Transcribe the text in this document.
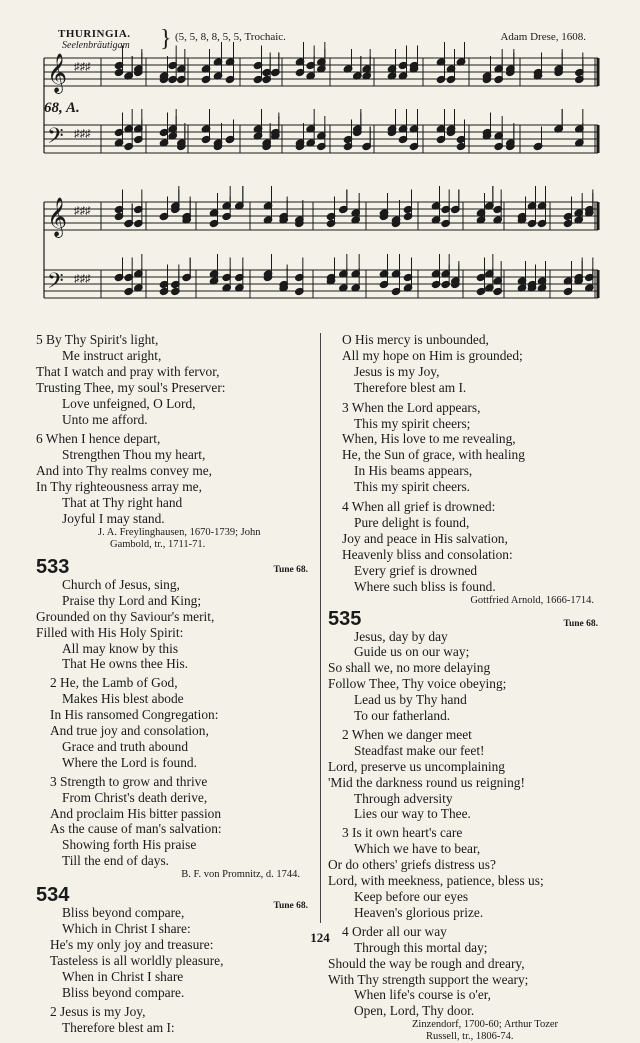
THURINGIA.
Seelenbräutigam } (5, 5, 8, 8, 5, 5, Trochaic.	Adam Drese, 1608.
68, A.
𝄞 ♯♯♯
𝄢 ♯♯♯
𝄞 ♯♯♯
𝄢 ♯♯♯
5 By Thy Spirit's light,
Me instruct aright,
That I watch and pray with fervor,
Trusting Thee, my soul's Preserver:
Love unfeigned, O Lord,
Unto me afford.
6 When I hence depart,
Strengthen Thou my heart,
And into Thy realms convey me,
In Thy righteousness array me,
That at Thy right hand
Joyful I may stand.
J. A. Freylinghausen, 1670-1739; John
Gambold, tr., 1711-71.
533	Tune 68.
Church of Jesus, sing,
Praise thy Lord and King;
Grounded on thy Saviour's merit,
Filled with His Holy Spirit:
All may know by this
That He owns thee His.
2 He, the Lamb of God,
Makes His blest abode
In His ransomed Congregation:
And true joy and consolation,
Grace and truth abound
Where the Lord is found.
3 Strength to grow and thrive
From Christ's death derive,
And proclaim His bitter passion
As the cause of man's salvation:
Showing forth His praise
Till the end of days.
B. F. von Promnitz, d. 1744.
534	Tune 68.
Bliss beyond compare,
Which in Christ I share:
He's my only joy and treasure:
Tasteless is all worldly pleasure,
When in Christ I share
Bliss beyond compare.
2 Jesus is my Joy,
Therefore blest am I:
O His mercy is unbounded,
All my hope on Him is grounded;
Jesus is my Joy,
Therefore blest am I.
3 When the Lord appears,
This my spirit cheers;
When, His love to me revealing,
He, the Sun of grace, with healing
In His beams appears,
This my spirit cheers.
4 When all grief is drowned:
Pure delight is found,
Joy and peace in His salvation,
Heavenly bliss and consolation:
Every grief is drowned
Where such bliss is found.
Gottfried Arnold, 1666-1714.
535	Tune 68.
Jesus, day by day
Guide us on our way;
So shall we, no more delaying
Follow Thee, Thy voice obeying;
Lead us by Thy hand
To our fatherland.
2 When we danger meet
Steadfast make our feet!
Lord, preserve us uncomplaining
'Mid the darkness round us reigning!
Through adversity
Lies our way to Thee.
3 Is it own heart's care
Which we have to bear,
Or do others' griefs distress us?
Lord, with meekness, patience, bless us;
Keep before our eyes
Heaven's glorious prize.
4 Order all our way
Through this mortal day;
Should the way be rough and dreary,
With Thy strength support the weary;
When life's course is o'er,
Open, Lord, Thy door.
Zinzendorf, 1700-60; Arthur Tozer
Russell, tr., 1806-74.
124
